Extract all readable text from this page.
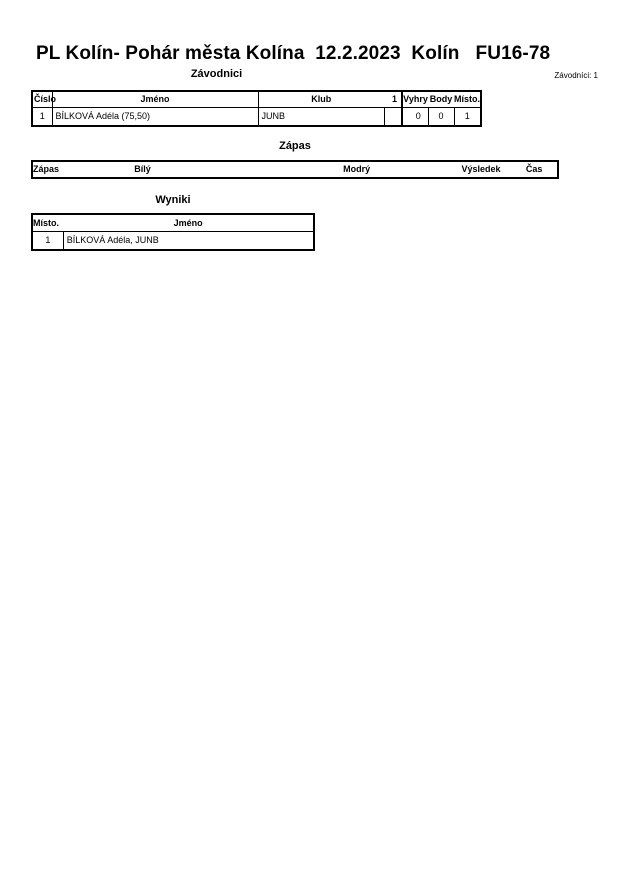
PL Kolín- Pohár města Kolína  12.2.2023  Kolín   FU16-78
Závodnici	Závodníci: 1
Číslo	Jméno	Klub	1	Vyhry	Body	Místo.
1	BÍLKOVÁ Adéla (75,50)	JUNB		0	0	1
Zápas
Zápas	Bílý	Modrý	Výsledek	Čas
Wyniki
Místo.	Jméno
1	BÍLKOVÁ Adéla, JUNB
